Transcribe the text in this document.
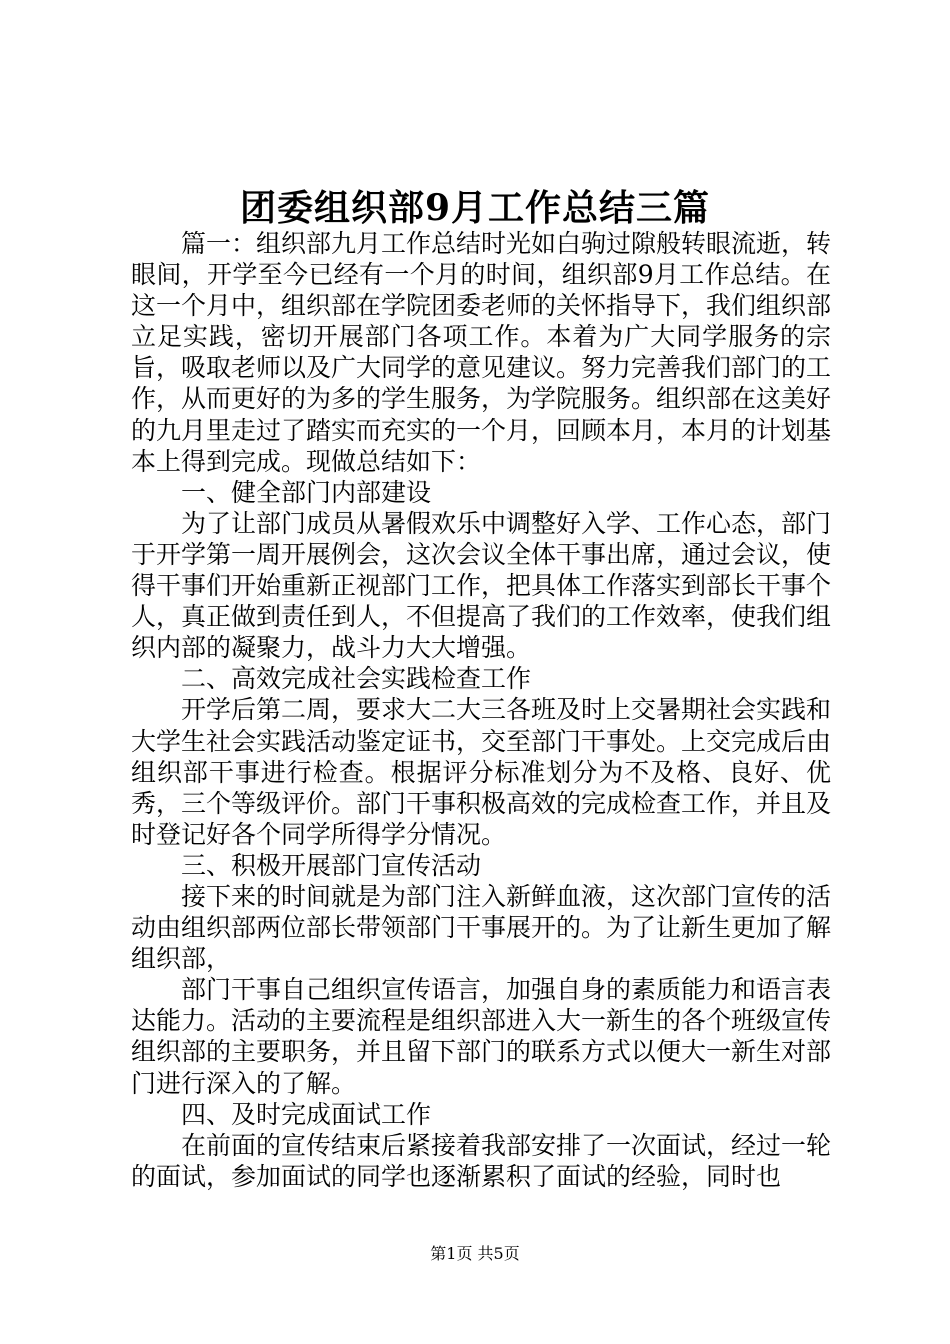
团委组织部9月工作总结三篇

篇一：组织部九月工作总结时光如白驹过隙般转眼流逝，转眼间，开学至今已经有一个月的时间，组织部9月工作总结。在这一个月中，组织部在学院团委老师的关怀指导下，我们组织部立足实践，密切开展部门各项工作。本着为广大同学服务的宗旨，吸取老师以及广大同学的意见建议。努力完善我们部门的工作，从而更好的为多的学生服务，为学院服务。组织部在这美好的九月里走过了踏实而充实的一个月，回顾本月，本月的计划基本上得到完成。现做总结如下：

一、健全部门内部建设

为了让部门成员从暑假欢乐中调整好入学、工作心态，部门于开学第一周开展例会，这次会议全体干事出席，通过会议，使得干事们开始重新正视部门工作，把具体工作落实到部长干事个人，真正做到责任到人，不但提高了我们的工作效率，使我们组织内部的凝聚力，战斗力大大增强。

二、高效完成社会实践检查工作

开学后第二周，要求大二大三各班及时上交暑期社会实践和大学生社会实践活动鉴定证书，交至部门干事处。上交完成后由组织部干事进行检查。根据评分标准划分为不及格、良好、优秀，三个等级评价。部门干事积极高效的完成检查工作，并且及时登记好各个同学所得学分情况。

三、积极开展部门宣传活动

接下来的时间就是为部门注入新鲜血液，这次部门宣传的活动由组织部两位部长带领部门干事展开的。为了让新生更加了解组织部，

部门干事自己组织宣传语言，加强自身的素质能力和语言表达能力。活动的主要流程是组织部进入大一新生的各个班级宣传组织部的主要职务，并且留下部门的联系方式以便大一新生对部门进行深入的了解。

四、及时完成面试工作

在前面的宣传结束后紧接着我部安排了一次面试，经过一轮的面试，参加面试的同学也逐渐累积了面试的经验，同时也

第1页 共5页
